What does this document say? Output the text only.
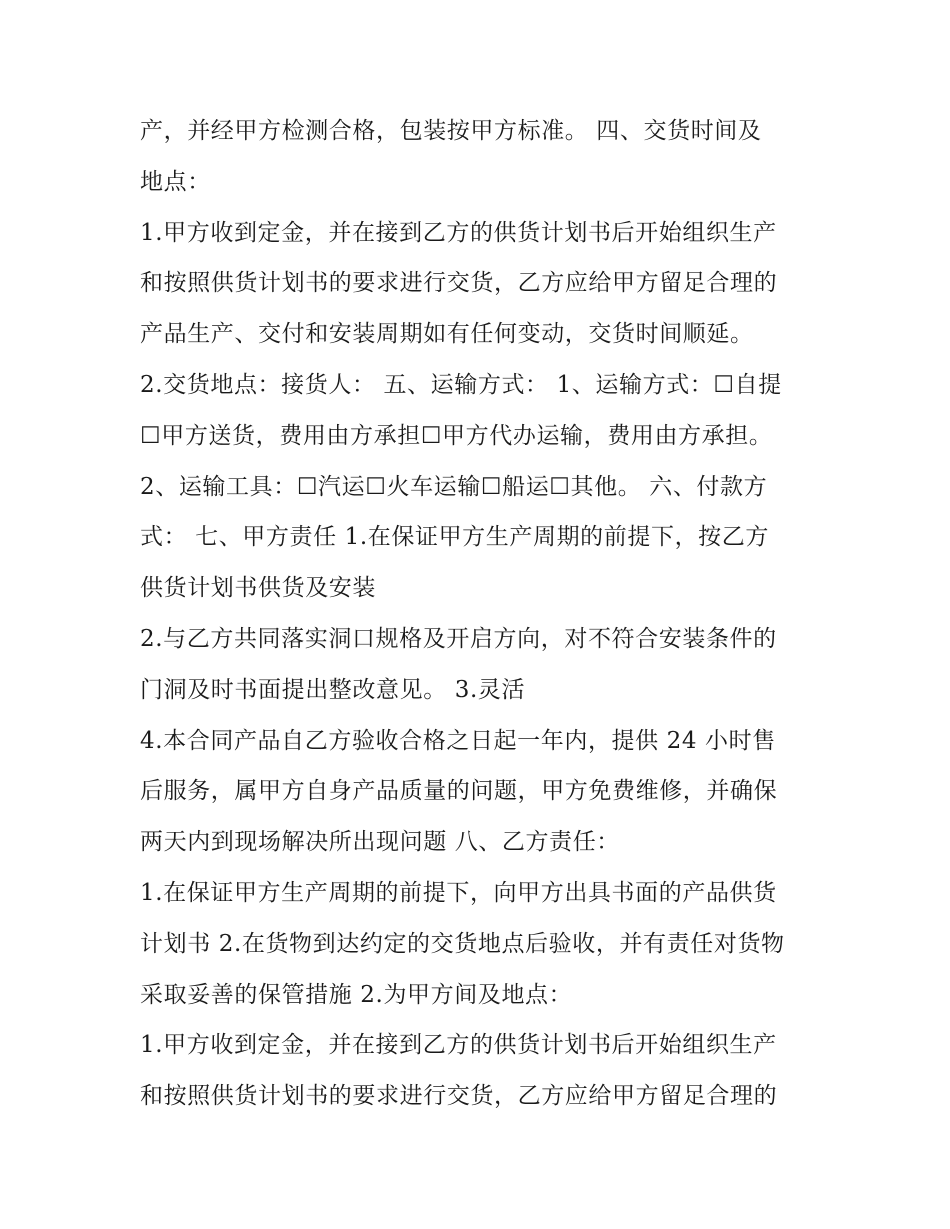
产，并经甲方检测合格，包装按甲方标准。 四、交货时间及
地点：
1.甲方收到定金，并在接到乙方的供货计划书后开始组织生产
和按照供货计划书的要求进行交货，乙方应给甲方留足合理的
产品生产、交付和安装周期如有任何变动，交货时间顺延。
2.交货地点：接货人： 五、运输方式： 1、运输方式：☐自提
☐甲方送货，费用由方承担☐甲方代办运输，费用由方承担。
2、运输工具：☐汽运☐火车运输☐船运☐其他。 六、付款方
式： 七、甲方责任 1.在保证甲方生产周期的前提下，按乙方
供货计划书供货及安装
2.与乙方共同落实洞口规格及开启方向，对不符合安装条件的
门洞及时书面提出整改意见。 3.灵活
4.本合同产品自乙方验收合格之日起一年内，提供 24 小时售
后服务，属甲方自身产品质量的问题，甲方免费维修，并确保
两天内到现场解决所出现问题 八、乙方责任：
1.在保证甲方生产周期的前提下，向甲方出具书面的产品供货
计划书 2.在货物到达约定的交货地点后验收，并有责任对货物
采取妥善的保管措施 2.为甲方间及地点：
1.甲方收到定金，并在接到乙方的供货计划书后开始组织生产
和按照供货计划书的要求进行交货，乙方应给甲方留足合理的
